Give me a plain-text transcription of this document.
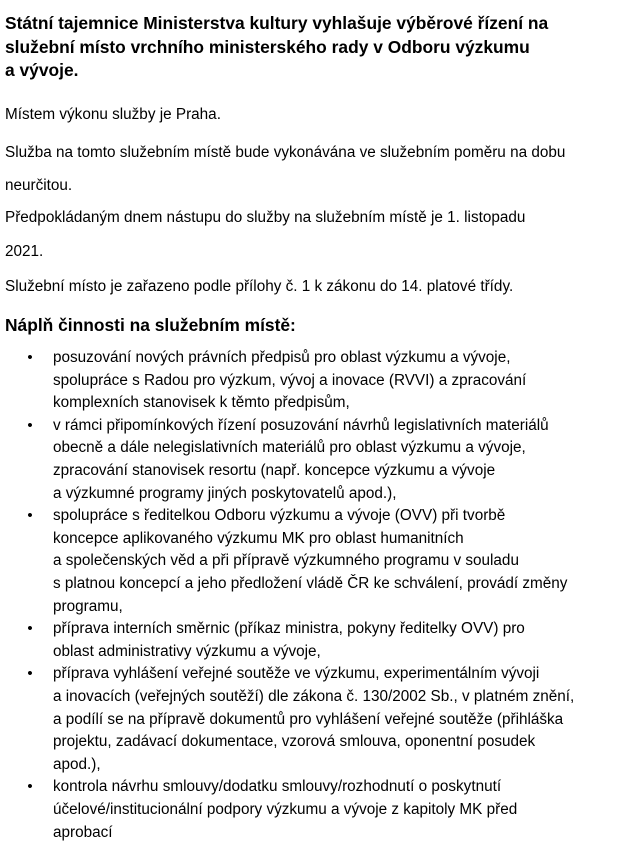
Státní tajemnice Ministerstva kultury vyhlašuje výběrové řízení na
služební místo vrchního ministerského rady v Odboru výzkumu
a vývoje.
Místem výkonu služby je Praha.
Služba na tomto služebním místě bude vykonávána ve služebním poměru na dobu
neurčitou.
Předpokládaným dnem nástupu do služby na služebním místě je 1. listopadu
2021.
Služební místo je zařazeno podle přílohy č. 1 k zákonu do 14. platové třídy.
Náplň činnosti na služebním místě:
• posuzování nových právních předpisů pro oblast výzkumu a vývoje,
spolupráce s Radou pro výzkum, vývoj a inovace (RVVI) a zpracování
komplexních stanovisek k těmto předpisům,
• v rámci připomínkových řízení posuzování návrhů legislativních materiálů
obecně a dále nelegislativních materiálů pro oblast výzkumu a vývoje,
zpracování stanovisek resortu (např. koncepce výzkumu a vývoje
a výzkumné programy jiných poskytovatelů apod.),
• spolupráce s ředitelkou Odboru výzkumu a vývoje (OVV) při tvorbě
koncepce aplikovaného výzkumu MK pro oblast humanitních
a společenských věd a při přípravě výzkumného programu v souladu
s platnou koncepcí a jeho předložení vládě ČR ke schválení, provádí změny
programu,
• příprava interních směrnic (příkaz ministra, pokyny ředitelky OVV) pro
oblast administrativy výzkumu a vývoje,
• příprava vyhlášení veřejné soutěže ve výzkumu, experimentálním vývoji
a inovacích (veřejných soutěží) dle zákona č. 130/2002 Sb., v platném znění,
a podílí se na přípravě dokumentů pro vyhlášení veřejné soutěže (přihláška
projektu, zadávací dokumentace, vzorová smlouva, oponentní posudek
apod.),
• kontrola návrhu smlouvy/dodatku smlouvy/rozhodnutí o poskytnutí
účelové/institucionální podpory výzkumu a vývoje z kapitoly MK před
aprobací
